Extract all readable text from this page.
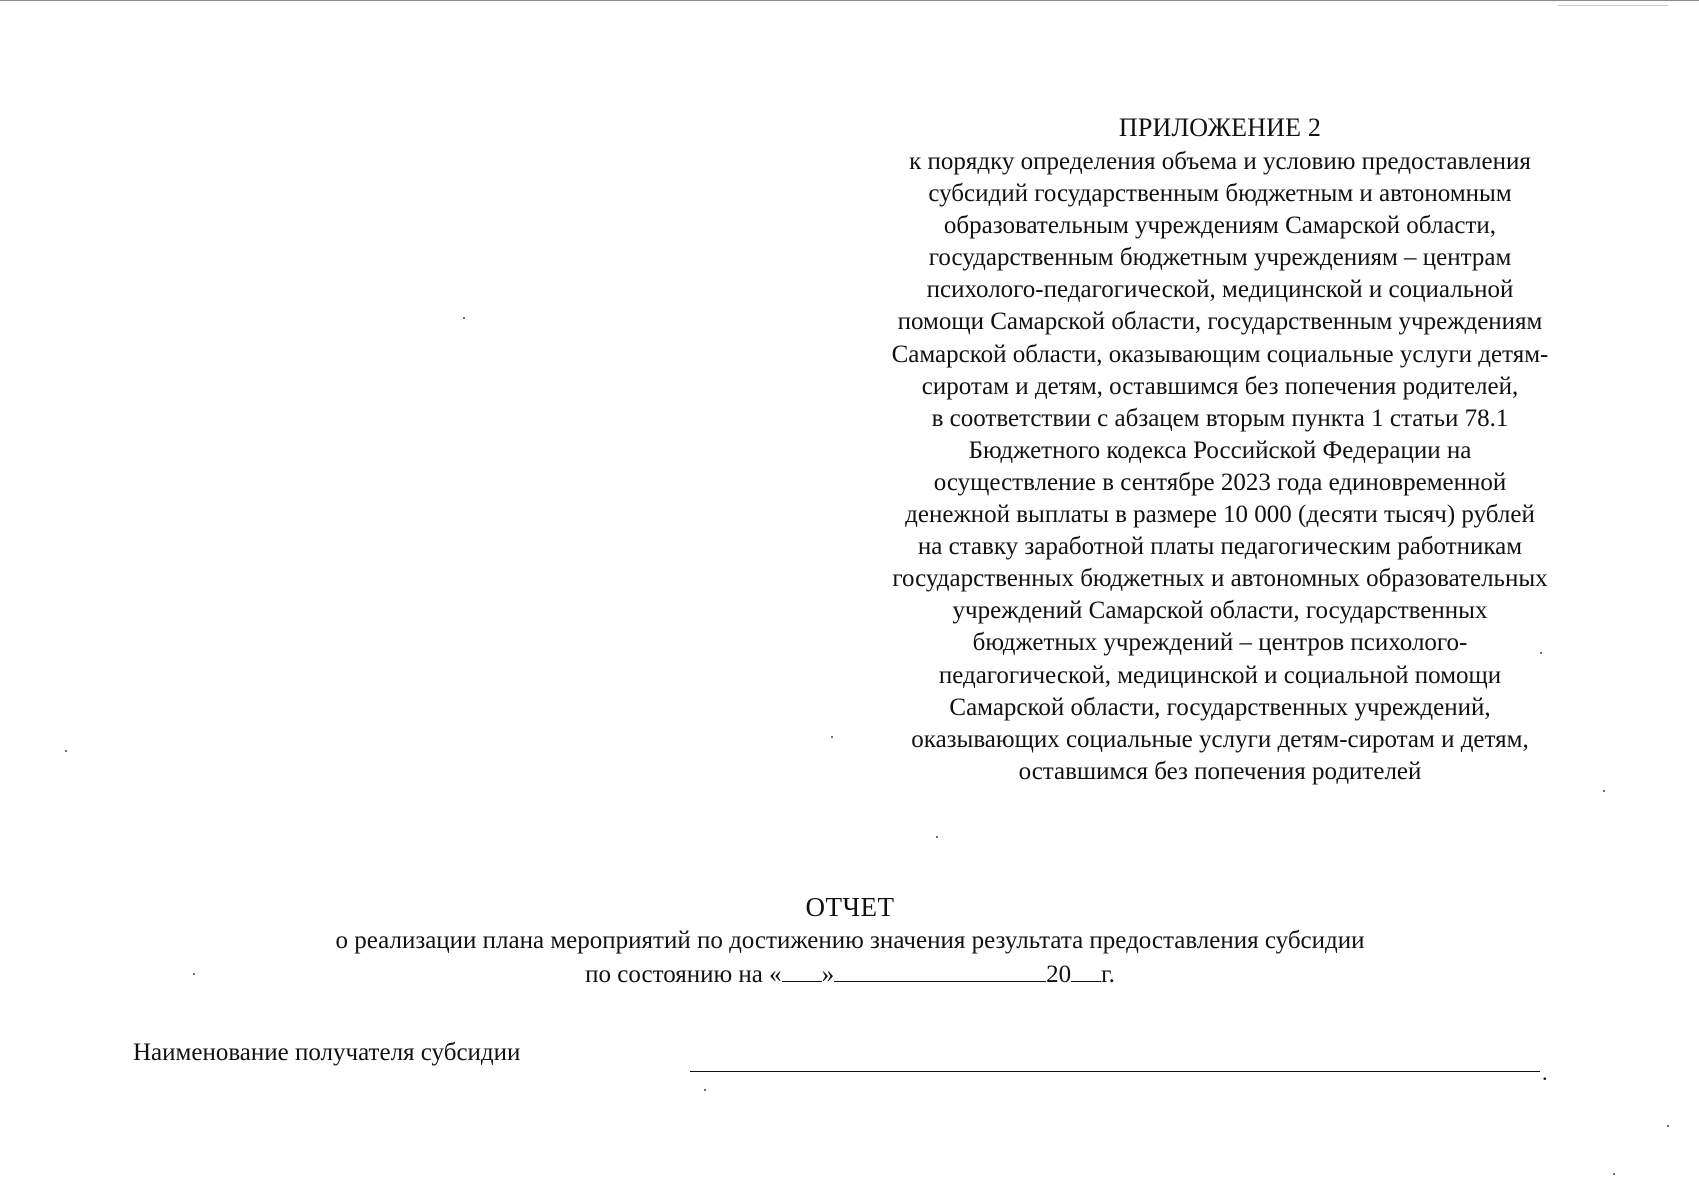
ПРИЛОЖЕНИЕ 2
к порядку определения объема и условию предоставления
субсидий государственным бюджетным и автономным
образовательным учреждениям Самарской области,
государственным бюджетным учреждениям – центрам
психолого-педагогической, медицинской и социальной
помощи Самарской области, государственным учреждениям
Самарской области, оказывающим социальные услуги детям-
сиротам и детям, оставшимся без попечения родителей,
в соответствии с абзацем вторым пункта 1 статьи 78.1
Бюджетного кодекса Российской Федерации на
осуществление в сентябре 2023 года единовременной
денежной выплаты в размере 10 000 (десяти тысяч) рублей
на ставку заработной платы педагогическим работникам
государственных бюджетных и автономных образовательных
учреждений Самарской области, государственных
бюджетных учреждений – центров психолого-
педагогической, медицинской и социальной помощи
Самарской области, государственных учреждений,
оказывающих социальные услуги детям-сиротам и детям,
оставшимся без попечения родителей
ОТЧЕТ
о реализации плана мероприятий по достижению значения результата предоставления субсидии
по состоянию на « »	20 г.
Наименование получателя субсидии
.
